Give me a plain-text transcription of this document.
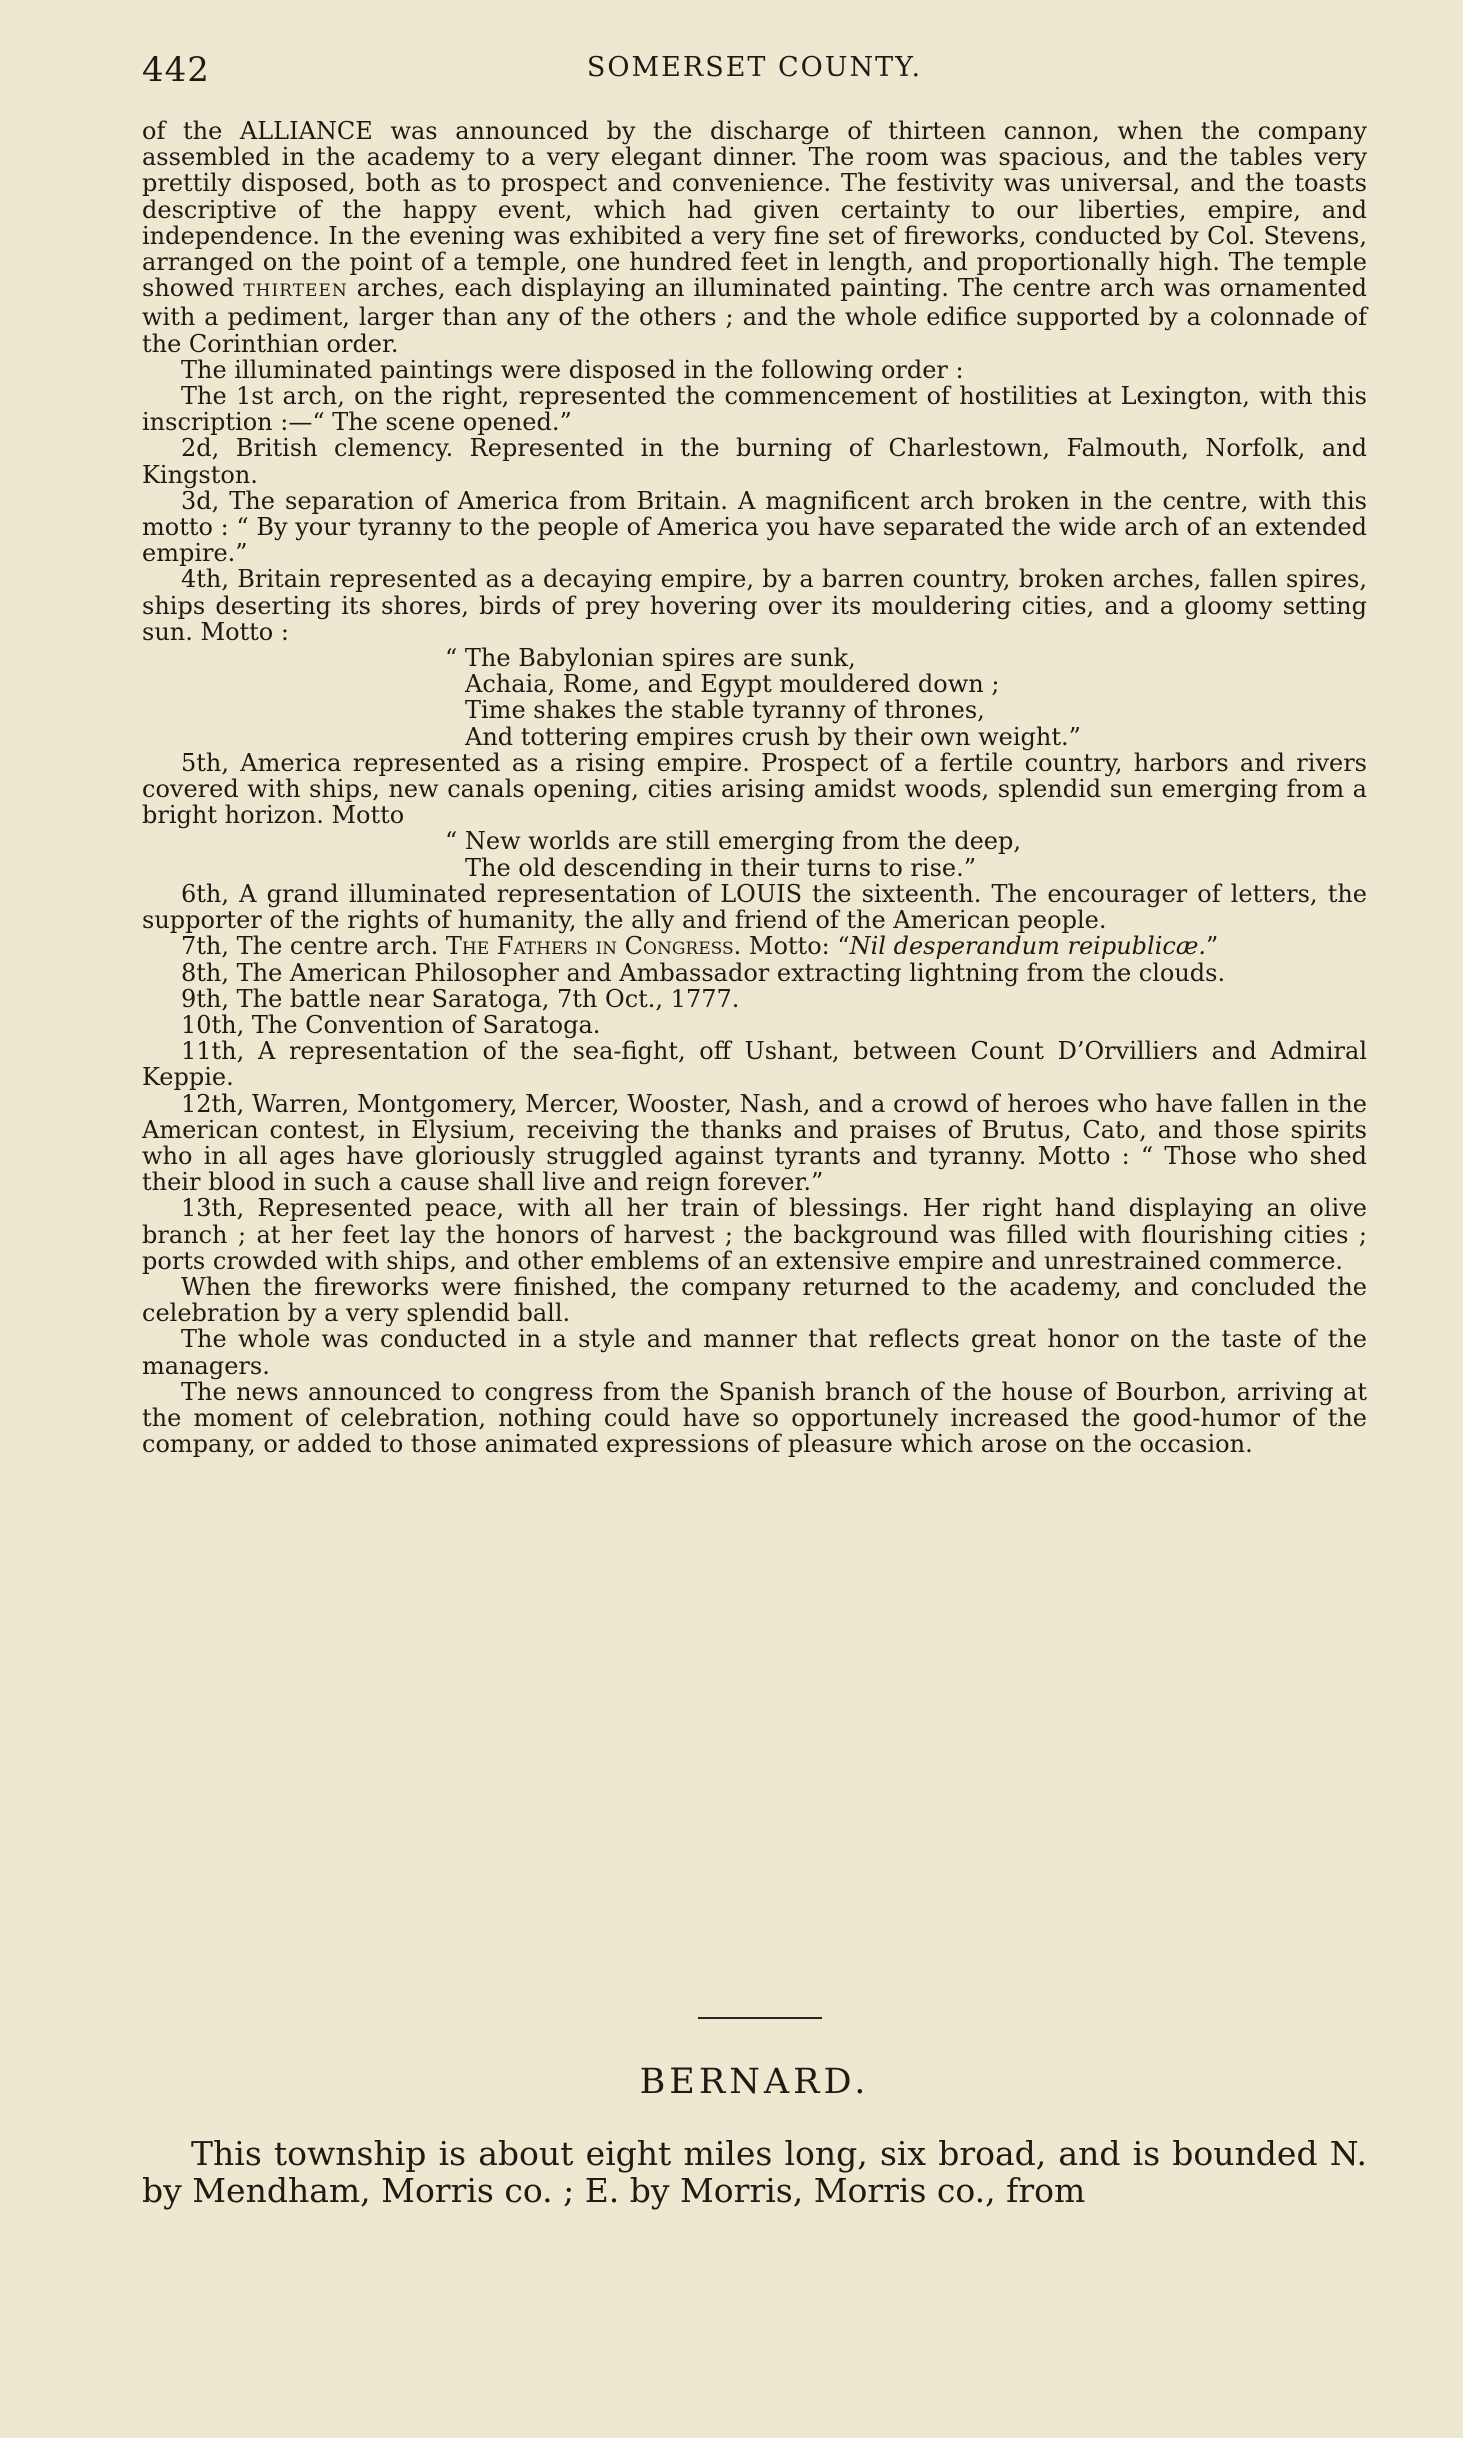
442	SOMERSET COUNTY.

of the ALLIANCE was announced by the discharge of thirteen cannon, when the company assembled in the academy to a very elegant dinner. The room was spacious, and the tables very prettily disposed, both as to prospect and convenience. The festivity was universal, and the toasts descriptive of the happy event, which had given certainty to our liberties, empire, and independence. In the evening was exhibited a very fine set of fireworks, conducted by Col. Stevens, arranged on the point of a temple, one hundred feet in length, and proportionally high. The temple showed THIRTEEN arches, each displaying an illuminated painting. The centre arch was ornamented with a pediment, larger than any of the others ; and the whole edifice supported by a colonnade of the Corinthian order.

The illuminated paintings were disposed in the following order :

The 1st arch, on the right, represented the commencement of hostilities at Lexington, with this inscription :—“ The scene opened.”

2d, British clemency. Represented in the burning of Charlestown, Falmouth, Norfolk, and Kingston.

3d, The separation of America from Britain. A magnificent arch broken in the centre, with this motto : “ By your tyranny to the people of America you have separated the wide arch of an extended empire.”

4th, Britain represented as a decaying empire, by a barren country, broken arches, fallen spires, ships deserting its shores, birds of prey hovering over its mouldering cities, and a gloomy setting sun. Motto :

“ The Babylonian spires are sunk,
Achaia, Rome, and Egypt mouldered down ;
Time shakes the stable tyranny of thrones,
And tottering empires crush by their own weight.”

5th, America represented as a rising empire. Prospect of a fertile country, harbors and rivers covered with ships, new canals opening, cities arising amidst woods, splendid sun emerging from a bright horizon. Motto

“ New worlds are still emerging from the deep,
The old descending in their turns to rise.”

6th, A grand illuminated representation of LOUIS the sixteenth. The encourager of letters, the supporter of the rights of humanity, the ally and friend of the American people.

7th, The centre arch. The Fathers in Congress. Motto: “Nil desperandum reipublicæ.”

8th, The American Philosopher and Ambassador extracting lightning from the clouds.

9th, The battle near Saratoga, 7th Oct., 1777.

10th, The Convention of Saratoga.

11th, A representation of the sea-fight, off Ushant, between Count D’Orvilliers and Admiral Keppie.

12th, Warren, Montgomery, Mercer, Wooster, Nash, and a crowd of heroes who have fallen in the American contest, in Elysium, receiving the thanks and praises of Brutus, Cato, and those spirits who in all ages have gloriously struggled against tyrants and tyranny. Motto : “ Those who shed their blood in such a cause shall live and reign forever.”

13th, Represented peace, with all her train of blessings. Her right hand displaying an olive branch ; at her feet lay the honors of harvest ; the background was filled with flourishing cities ; ports crowded with ships, and other emblems of an extensive empire and unrestrained commerce.

When the fireworks were finished, the company returned to the academy, and concluded the celebration by a very splendid ball.

The whole was conducted in a style and manner that reflects great honor on the taste of the managers.

The news announced to congress from the Spanish branch of the house of Bourbon, arriving at the moment of celebration, nothing could have so opportunely increased the good-humor of the company, or added to those animated expressions of pleasure which arose on the occasion.

BERNARD.

This township is about eight miles long, six broad, and is bounded N. by Mendham, Morris co. ; E. by Morris, Morris co., from
